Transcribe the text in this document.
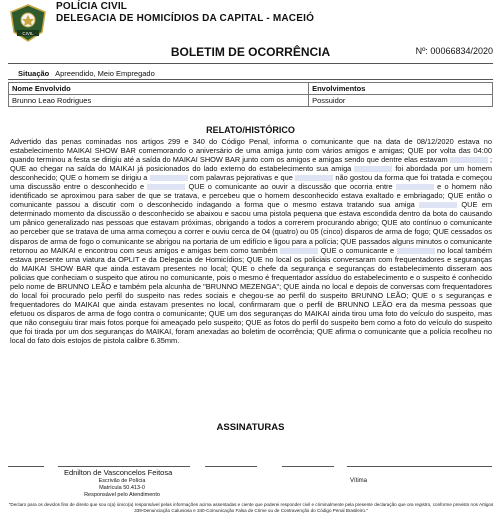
CIVIL
POLÍCIA CIVIL
DELEGACIA DE HOMICÍDIOS DA CAPITAL - MACEIÓ
BOLETIM DE OCORRÊNCIA	Nº: 00066834/2020
Situação Apreendido, Meio Empregado
Nome Envolvido	Envolvimentos
Brunno Leao Rodrigues	Possuidor
RELATO/HISTÓRICO

Advertido das penas cominadas nos artigos 299 e 340 do Código Penal, informa o comunicante que na data de 08/12/2020 estava no estabelecimento MAIKAI SHOW BAR comemorando o aniversário de uma amiga junto com vários amigos e amigas; QUE por volta das 04:00 quando terminou a festa se dirigiu até a saída do MAIKAI SHOW BAR junto com os amigos e amigas sendo que dentre elas estavam	; QUE ao chegar na saída do MAIKAI já posicionados do lado externo do estabelecimento sua amiga	foi abordada por um homem desconhecido; QUE o homem se dirigiu a	com palavras pejorativas e que	não gostou da forma que foi tratada e começou uma discussão entre o desconhecido e	QUE o comunicante ao ouvir a discussão que ocorria entre	e o homem não identificado se aproximou para saber de que se tratava, e percebeu que o homem desconhecido estava exaltado e embriagado; QUE então o comunicante passou a discutir com o desconhecido indagando a forma que o mesmo estava tratando sua amiga	QUE em determinado momento da discussão o desconhecido se abaixou e sacou uma pistola pequena que estava escondida dentro da bota do causando um pânico generalizado nas pessoas que estavam próximas, obrigando a todos a correrem procurando abrigo; QUE ato contínuo o comunicante ao perceber que se tratava de uma arma começou a correr e ouviu cerca de 04 (quatro) ou 05 (cinco) disparos de arma de fogo; QUE cessados os disparos de arma de fogo o comunicante se abrigou na portaria de um edifício e ligou para a polícia; QUE passados alguns minutos o comunicante retornou ao MAIKAI e encontrou com seus amigos e amigas bem como também	QUE o comunicante e	no local também estava presente uma viatura da OPLIT e da Delegacia de Homicídios; QUE no local os policiais conversaram com frequentadores e seguranças do MAIKAI SHOW BAR que ainda estavam presentes no local; QUE o chefe da segurança e seguranças do estabelecimento disseram aos policias que conheciam o suspeito que atirou no comunicante, pois o mesmo é frequentador assíduo do estabelecimento e o suspeito é conhecido pelo nome de BRUNNO LEÃO e também pela alcunha de "BRUNNO MEZENGA"; QUE ainda no local e depois de conversas com frequentadores do local foi procurado pelo perfil do suspeito nas redes sociais e chegou-se ao perfil do suspeito BRUNNO LEÃO; QUE o s seguranças e frequentadores do MAIKAI que ainda estavam presentes no local, confirmaram que o perfil de BRUNNO LEÃO era da mesma pessoas que efetuou os disparos de arma de fogo contra o comunicante; QUE um dos seguranças do MAIKAI ainda tirou uma foto do veículo do suspeito, mas que não conseguiu tirar mais fotos porque foi ameaçado pelo suspeito; QUE as fotos do perfil do suspeito bem como a foto do veículo do suspeito que foi tirada por um dos seguranças do MAIKAI, foram anexadas ao boletim de ocorrência; QUE afirma o comunicante que a polícia recolheu no local do fato dois estojos de pistola calibre 6.35mm.

ASSINATURAS
Ednilton de Vasconcelos Feitosa
Escrivão de Polícia
Matrícula 50.413-0
Responsável pelo Atendimento
Vítima
"Declaro para os devidos fins de direito que sou o(a) único(a) responsável pelas informações acima assentadas e ciente que poderei responder civil e criminalmente pela presente declaração que ora registro, conforme previsto nos Artigos 339-Denunciação Caluniosa e 340-Comunicação Falsa de Crime ou de Contravenção do Código Penal Brasileiro."
